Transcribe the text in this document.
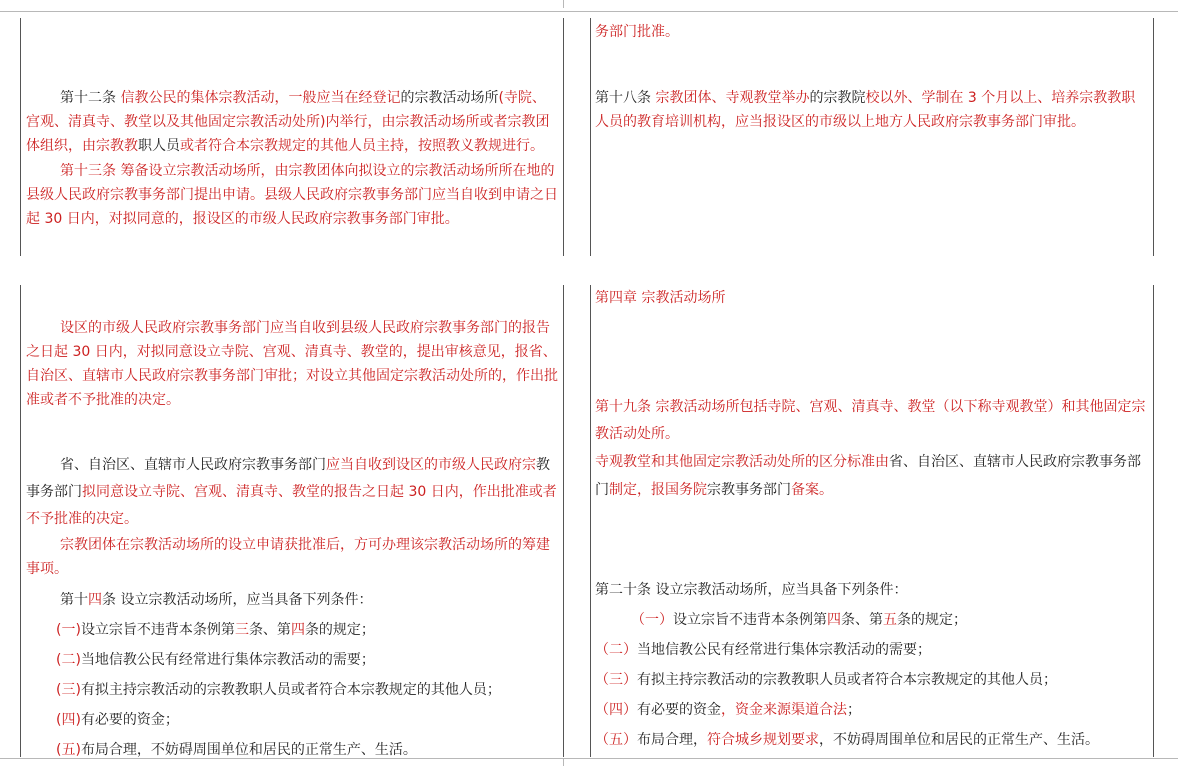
第十二条 信教公民的集体宗教活动，一般应当在经登记的宗教活动场所(寺院、宫观、清真寺、教堂以及其他固定宗教活动处所)内举行，由宗教活动场所或者宗教团体组织，由宗教教职人员或者符合本宗教规定的其他人员主持，按照教义教规进行。

第十三条 筹备设立宗教活动场所，由宗教团体向拟设立的宗教活动场所所在地的县级人民政府宗教事务部门提出申请。县级人民政府宗教事务部门应当自收到申请之日起 30 日内，对拟同意的，报设区的市级人民政府宗教事务部门审批。

务部门批准。

第十八条 宗教团体、寺观教堂举办的宗教院校以外、学制在 3 个月以上、培养宗教教职人员的教育培训机构，应当报设区的市级以上地方人民政府宗教事务部门审批。

设区的市级人民政府宗教事务部门应当自收到县级人民政府宗教事务部门的报告之日起 30 日内，对拟同意设立寺院、宫观、清真寺、教堂的，提出审核意见，报省、自治区、直辖市人民政府宗教事务部门审批；对设立其他固定宗教活动处所的，作出批准或者不予批准的决定。

省、自治区、直辖市人民政府宗教事务部门应当自收到设区的市级人民政府宗教事务部门拟同意设立寺院、宫观、清真寺、教堂的报告之日起 30 日内，作出批准或者不予批准的决定。

宗教团体在宗教活动场所的设立申请获批准后，方可办理该宗教活动场所的筹建事项。

第十四条 设立宗教活动场所，应当具备下列条件：

(一)设立宗旨不违背本条例第三条、第四条的规定；

(二)当地信教公民有经常进行集体宗教活动的需要；

(三)有拟主持宗教活动的宗教教职人员或者符合本宗教规定的其他人员；

(四)有必要的资金；

(五)布局合理，不妨碍周围单位和居民的正常生产、生活。

第四章 宗教活动场所

第十九条 宗教活动场所包括寺院、宫观、清真寺、教堂（以下称寺观教堂）和其他固定宗教活动处所。

寺观教堂和其他固定宗教活动处所的区分标准由省、自治区、直辖市人民政府宗教事务部门制定，报国务院宗教事务部门备案。

第二十条 设立宗教活动场所，应当具备下列条件：

（一）设立宗旨不违背本条例第四条、第五条的规定；

（二）当地信教公民有经常进行集体宗教活动的需要；

（三）有拟主持宗教活动的宗教教职人员或者符合本宗教规定的其他人员；

（四）有必要的资金，资金来源渠道合法；

（五）布局合理，符合城乡规划要求，不妨碍周围单位和居民的正常生产、生活。
